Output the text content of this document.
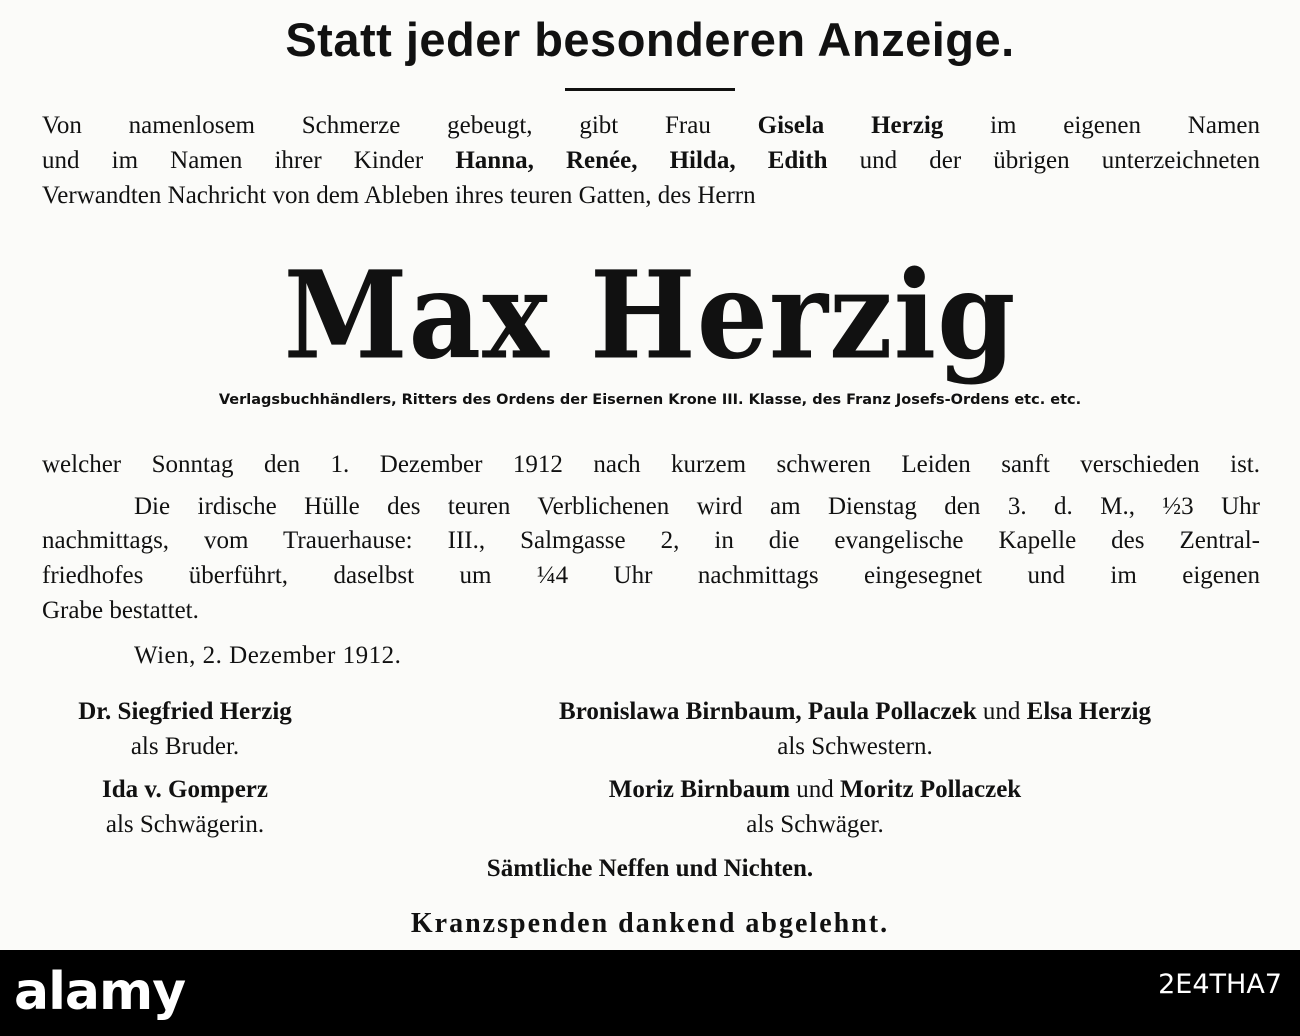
Statt jeder besonderen Anzeige.
Von namenlosem Schmerze gebeugt, gibt Frau Gisela Herzig im eigenen Namen
und im Namen ihrer Kinder Hanna, Renée, Hilda, Edith und der übrigen unterzeichneten
Verwandten Nachricht von dem Ableben ihres teuren Gatten, des Herrn
Max Herzig
Verlagsbuchhändlers, Ritters des Ordens der Eisernen Krone III. Klasse, des Franz Josefs-Ordens etc. etc.
welcher Sonntag den 1. Dezember 1912 nach kurzem schweren Leiden sanft verschieden ist.
Die irdische Hülle des teuren Verblichenen wird am Dienstag den 3. d. M., ½3 Uhr
nachmittags, vom Trauerhause: III., Salmgasse 2, in die evangelische Kapelle des Zentral-
friedhofes überführt, daselbst um ¼4 Uhr nachmittags eingesegnet und im eigenen
Grabe bestattet.
Wien, 2. Dezember 1912.
Dr. Siegfried Herzig
als Bruder.
Bronislawa Birnbaum, Paula Pollaczek und Elsa Herzig
als Schwestern.
Ida v. Gomperz
als Schwägerin.
Moriz Birnbaum und Moritz Pollaczek
als Schwäger.
Sämtliche Neffen und Nichten.
Kranzspenden dankend abgelehnt.
alamy	2E4THA7
